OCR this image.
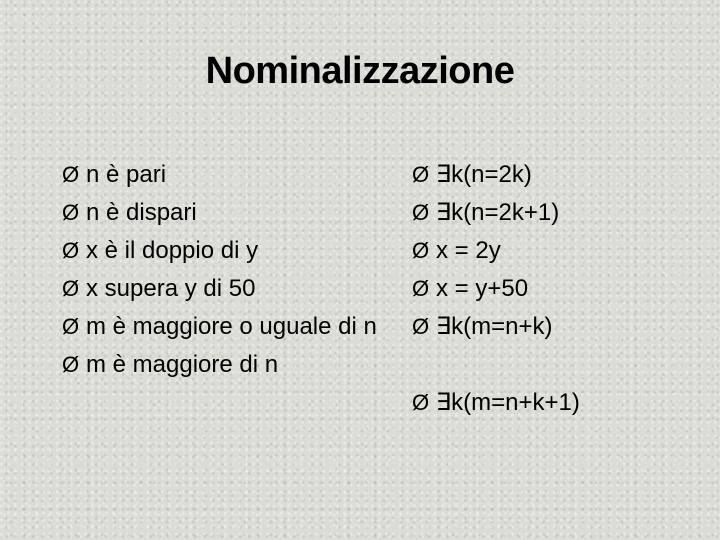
Nominalizzazione
Ø n è pari
Ø n è dispari
Ø x è il doppio di y
Ø x supera y di 50
Ø m è maggiore o uguale di n
Ø m è maggiore di n
Ø ∃k(n=2k)
Ø ∃k(n=2k+1)
Ø x = 2y
Ø x = y+50
Ø ∃k(m=n+k)
Ø ∃k(m=n+k+1)
